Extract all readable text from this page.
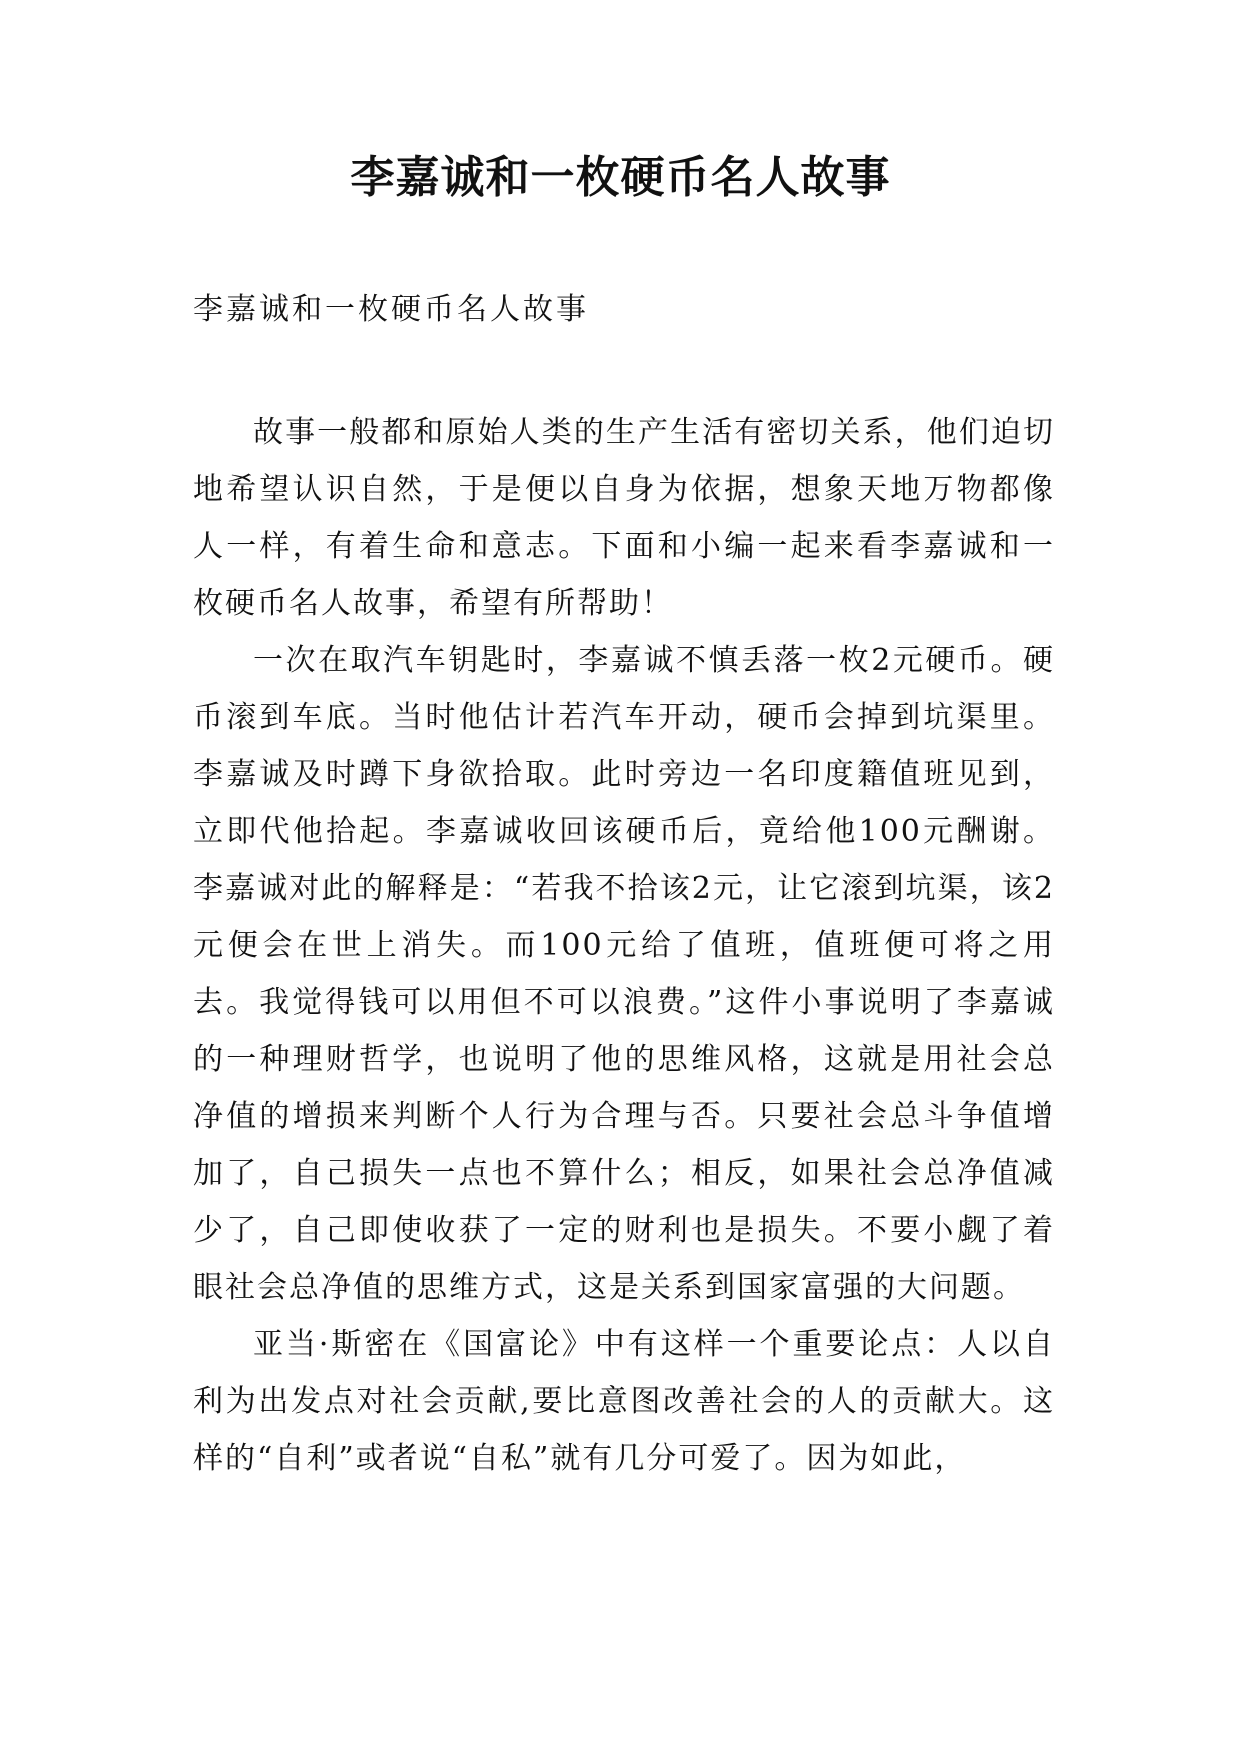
李嘉诚和一枚硬币名人故事
李嘉诚和一枚硬币名人故事

故事一般都和原始人类的生产生活有密切关系，他们迫切地希望认识自然，于是便以自身为依据，想象天地万物都像人一样，有着生命和意志。下面和小编一起来看李嘉诚和一枚硬币名人故事，希望有所帮助！

一次在取汽车钥匙时，李嘉诚不慎丢落一枚2元硬币。硬币滚到车底。当时他估计若汽车开动，硬币会掉到坑渠里。李嘉诚及时蹲下身欲拾取。此时旁边一名印度籍值班见到，立即代他拾起。李嘉诚收回该硬币后，竟给他100元酬谢。李嘉诚对此的解释是：“若我不拾该2元，让它滚到坑渠，该2元便会在世上消失。而100元给了值班，值班便可将之用去。我觉得钱可以用但不可以浪费。”这件小事说明了李嘉诚的一种理财哲学，也说明了他的思维风格，这就是用社会总净值的增损来判断个人行为合理与否。只要社会总斗争值增加了，自己损失一点也不算什么；相反，如果社会总净值减少了，自己即使收获了一定的财利也是损失。不要小觑了着眼社会总净值的思维方式，这是关系到国家富强的大问题。

亚当·斯密在《国富论》中有这样一个重要论点：人以自利为出发点对社会贡献,要比意图改善社会的人的贡献大。这样的“自利”或者说“自私”就有几分可爱了。因为如此，
